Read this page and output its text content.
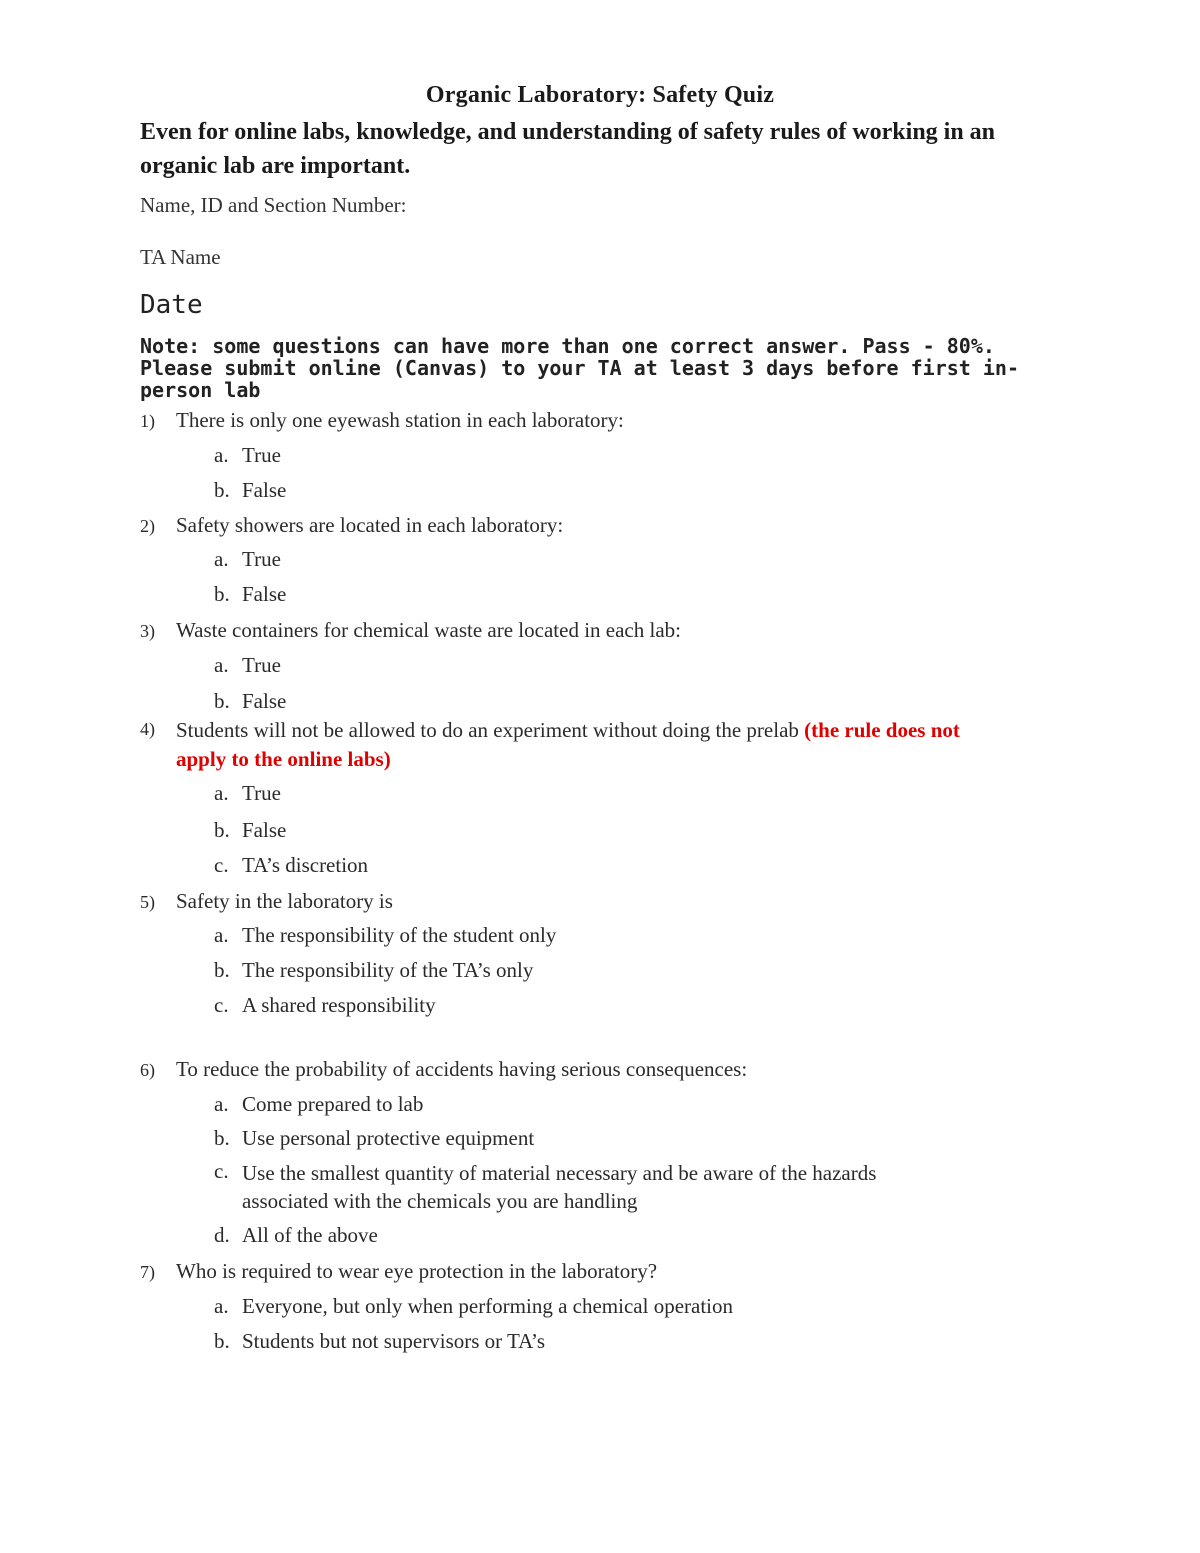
Organic Laboratory: Safety Quiz
Even for online labs, knowledge, and understanding of safety rules of working in an organic lab are important.
Name, ID and Section Number:
TA Name
Date
Note: some questions can have more than one correct answer. Pass - 80%. Please submit online (Canvas) to your TA at least 3 days before first in-person lab
1) There is only one eyewash station in each laboratory:
a. True
b. False
2) Safety showers are located in each laboratory:
a. True
b. False
3) Waste containers for chemical waste are located in each lab:
a. True
b. False
4) Students will not be allowed to do an experiment without doing the prelab (the rule does not apply to the online labs)
a. True
b. False
c. TA’s discretion
5) Safety in the laboratory is
a. The responsibility of the student only
b. The responsibility of the TA’s only
c. A shared responsibility
6) To reduce the probability of accidents having serious consequences:
a. Come prepared to lab
b. Use personal protective equipment
c. Use the smallest quantity of material necessary and be aware of the hazards associated with the chemicals you are handling
d. All of the above
7) Who is required to wear eye protection in the laboratory?
a. Everyone, but only when performing a chemical operation
b. Students but not supervisors or TA’s
